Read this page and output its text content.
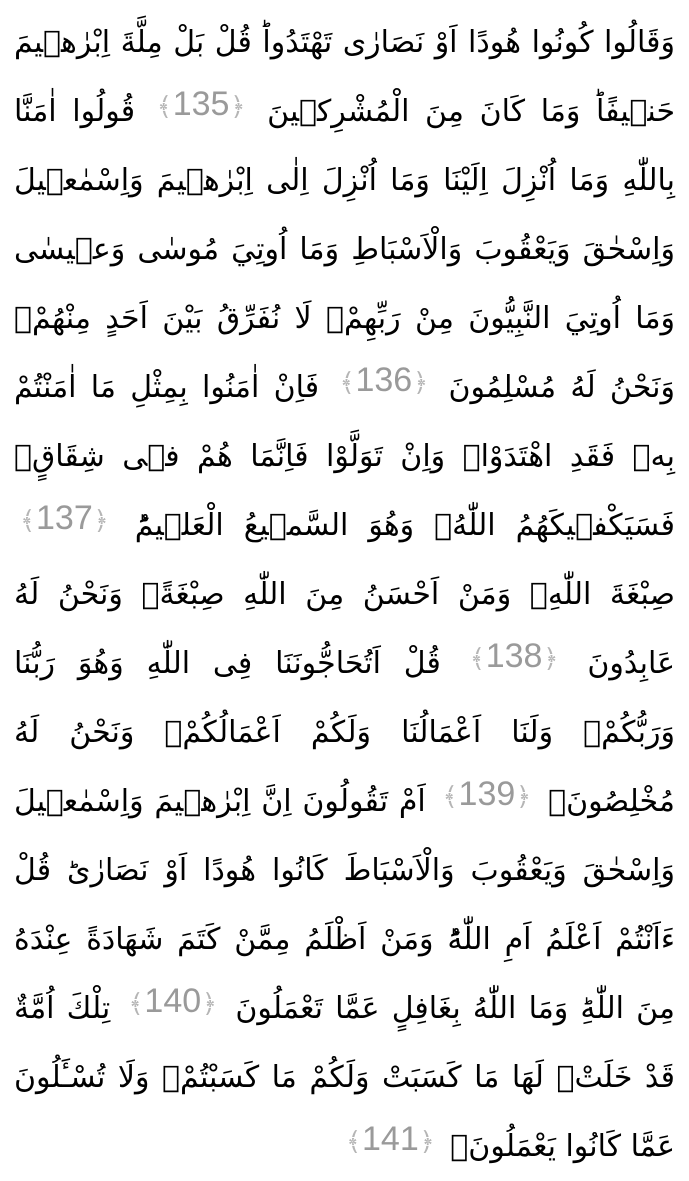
وَقَالُوا كُونُوا هُودًا اَوْ نَصَارٰى تَهْتَدُواؕ قُلْ بَلْ مِلَّةَ اِبْرٰهٖيمَ حَنٖيفًاؕ وَمَا كَانَ مِنَ الْمُشْرِكٖينَ ﴾ 135 ﴿ قُولُوا اٰمَنَّا بِاللّٰهِ وَمَا اُنْزِلَ اِلَيْنَا وَمَا اُنْزِلَ اِلٰى اِبْرٰهٖيمَ وَاِسْمٰعٖيلَ وَاِسْحٰقَ وَيَعْقُوبَ وَالْاَسْبَاطِ وَمَا اُوتِيَ مُوسٰى وَعٖيسٰى وَمَا اُوتِيَ النَّبِيُّونَ مِنْ رَبِّهِمْۚ لَا نُفَرِّقُ بَيْنَ اَحَدٍ مِنْهُمْۘ وَنَحْنُ لَهُ مُسْلِمُونَ ﴾ 136 ﴿ فَاِنْ اٰمَنُوا بِمِثْلِ مَا اٰمَنْتُمْ بِهٖ فَقَدِ اهْتَدَوْاۚ وَاِنْ تَوَلَّوْا فَاِنَّمَا هُمْ فٖى شِقَاقٍۚ فَسَيَكْفٖيكَهُمُ اللّٰهُۚ وَهُوَ السَّمٖيعُ الْعَلٖيمُؕ ﴾ 137 ﴿ صِبْغَةَ اللّٰهِۚ وَمَنْ اَحْسَنُ مِنَ اللّٰهِ صِبْغَةًؗ وَنَحْنُ لَهُ عَابِدُونَ ﴾ 138 ﴿ قُلْ اَتُحَاجُّونَنَا فِى اللّٰهِ وَهُوَ رَبُّنَا وَرَبُّكُمْۚ وَلَنَا اَعْمَالُنَا وَلَكُمْ اَعْمَالُكُمْۚ وَنَحْنُ لَهُ مُخْلِصُونَۙ ﴾ 139 ﴿ اَمْ تَقُولُونَ اِنَّ اِبْرٰهٖيمَ وَاِسْمٰعٖيلَ وَاِسْحٰقَ وَيَعْقُوبَ وَالْاَسْبَاطَ كَانُوا هُودًا اَوْ نَصَارٰىؕ قُلْ ءَاَنْتُمْ اَعْلَمُ اَمِ اللّٰهُؕ وَمَنْ اَظْلَمُ مِمَّنْ كَتَمَ شَهَادَةً عِنْدَهُ مِنَ اللّٰهِؕ وَمَا اللّٰهُ بِغَافِلٍ عَمَّا تَعْمَلُونَ ﴾ 140 ﴿ تِلْكَ اُمَّةٌ قَدْ خَلَتْۚ لَهَا مَا كَسَبَتْ وَلَكُمْ مَا كَسَبْتُمْۚ وَلَا تُسْـَٔلُونَ عَمَّا كَانُوا يَعْمَلُونَ۟ ﴾ 141 ﴿
